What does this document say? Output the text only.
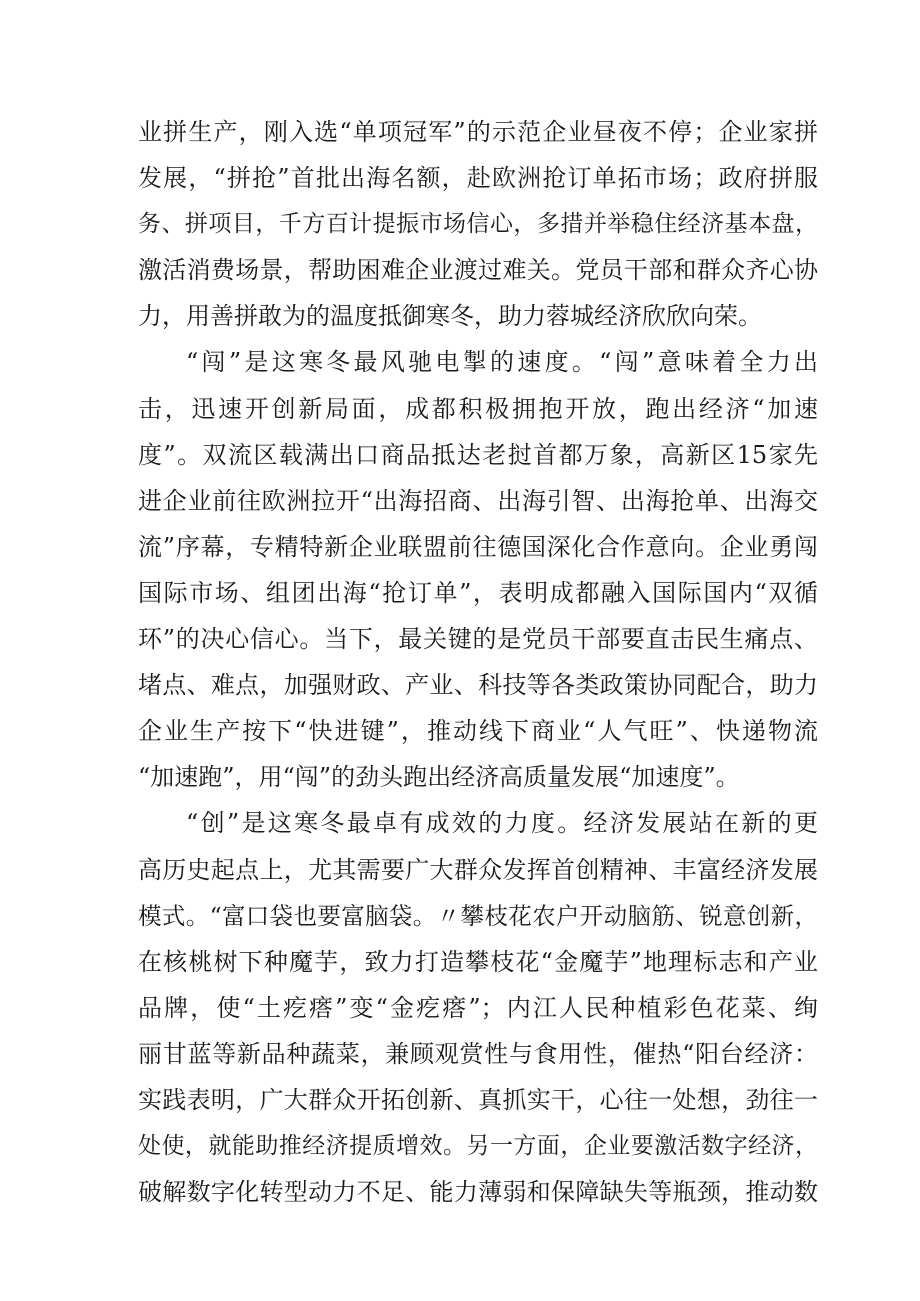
业拼生产，刚入选“单项冠军”的示范企业昼夜不停；企业家拼
发展，“拼抢”首批出海名额，赴欧洲抢订单拓市场；政府拼服
务、拼项目，千方百计提振市场信心，多措并举稳住经济基本盘，
激活消费场景，帮助困难企业渡过难关。党员干部和群众齐心协
力，用善拼敢为的温度抵御寒冬，助力蓉城经济欣欣向荣。
“闯”是这寒冬最风驰电掣的速度。“闯”意味着全力出
击，迅速开创新局面，成都积极拥抱开放，跑出经济“加速
度”。双流区载满出口商品抵达老挝首都万象，高新区15家先
进企业前往欧洲拉开“出海招商、出海引智、出海抢单、出海交
流”序幕，专精特新企业联盟前往德国深化合作意向。企业勇闯
国际市场、组团出海“抢订单”，表明成都融入国际国内“双循
环”的决心信心。当下，最关键的是党员干部要直击民生痛点、
堵点、难点，加强财政、产业、科技等各类政策协同配合，助力
企业生产按下“快进键”，推动线下商业“人气旺”、快递物流
“加速跑”，用“闯”的劲头跑出经济高质量发展“加速度”。
“创”是这寒冬最卓有成效的力度。经济发展站在新的更
高历史起点上，尤其需要广大群众发挥首创精神、丰富经济发展
模式。“富口袋也要富脑袋。〃攀枝花农户开动脑筋、锐意创新，
在核桃树下种魔芋，致力打造攀枝花“金魔芋”地理标志和产业
品牌，使“土疙瘩”变“金疙瘩”；内江人民种植彩色花菜、绚
丽甘蓝等新品种蔬菜，兼顾观赏性与食用性，催热“阳台经济：
实践表明，广大群众开拓创新、真抓实干，心往一处想，劲往一
处使，就能助推经济提质增效。另一方面，企业要激活数字经济，
破解数字化转型动力不足、能力薄弱和保障缺失等瓶颈，推动数
